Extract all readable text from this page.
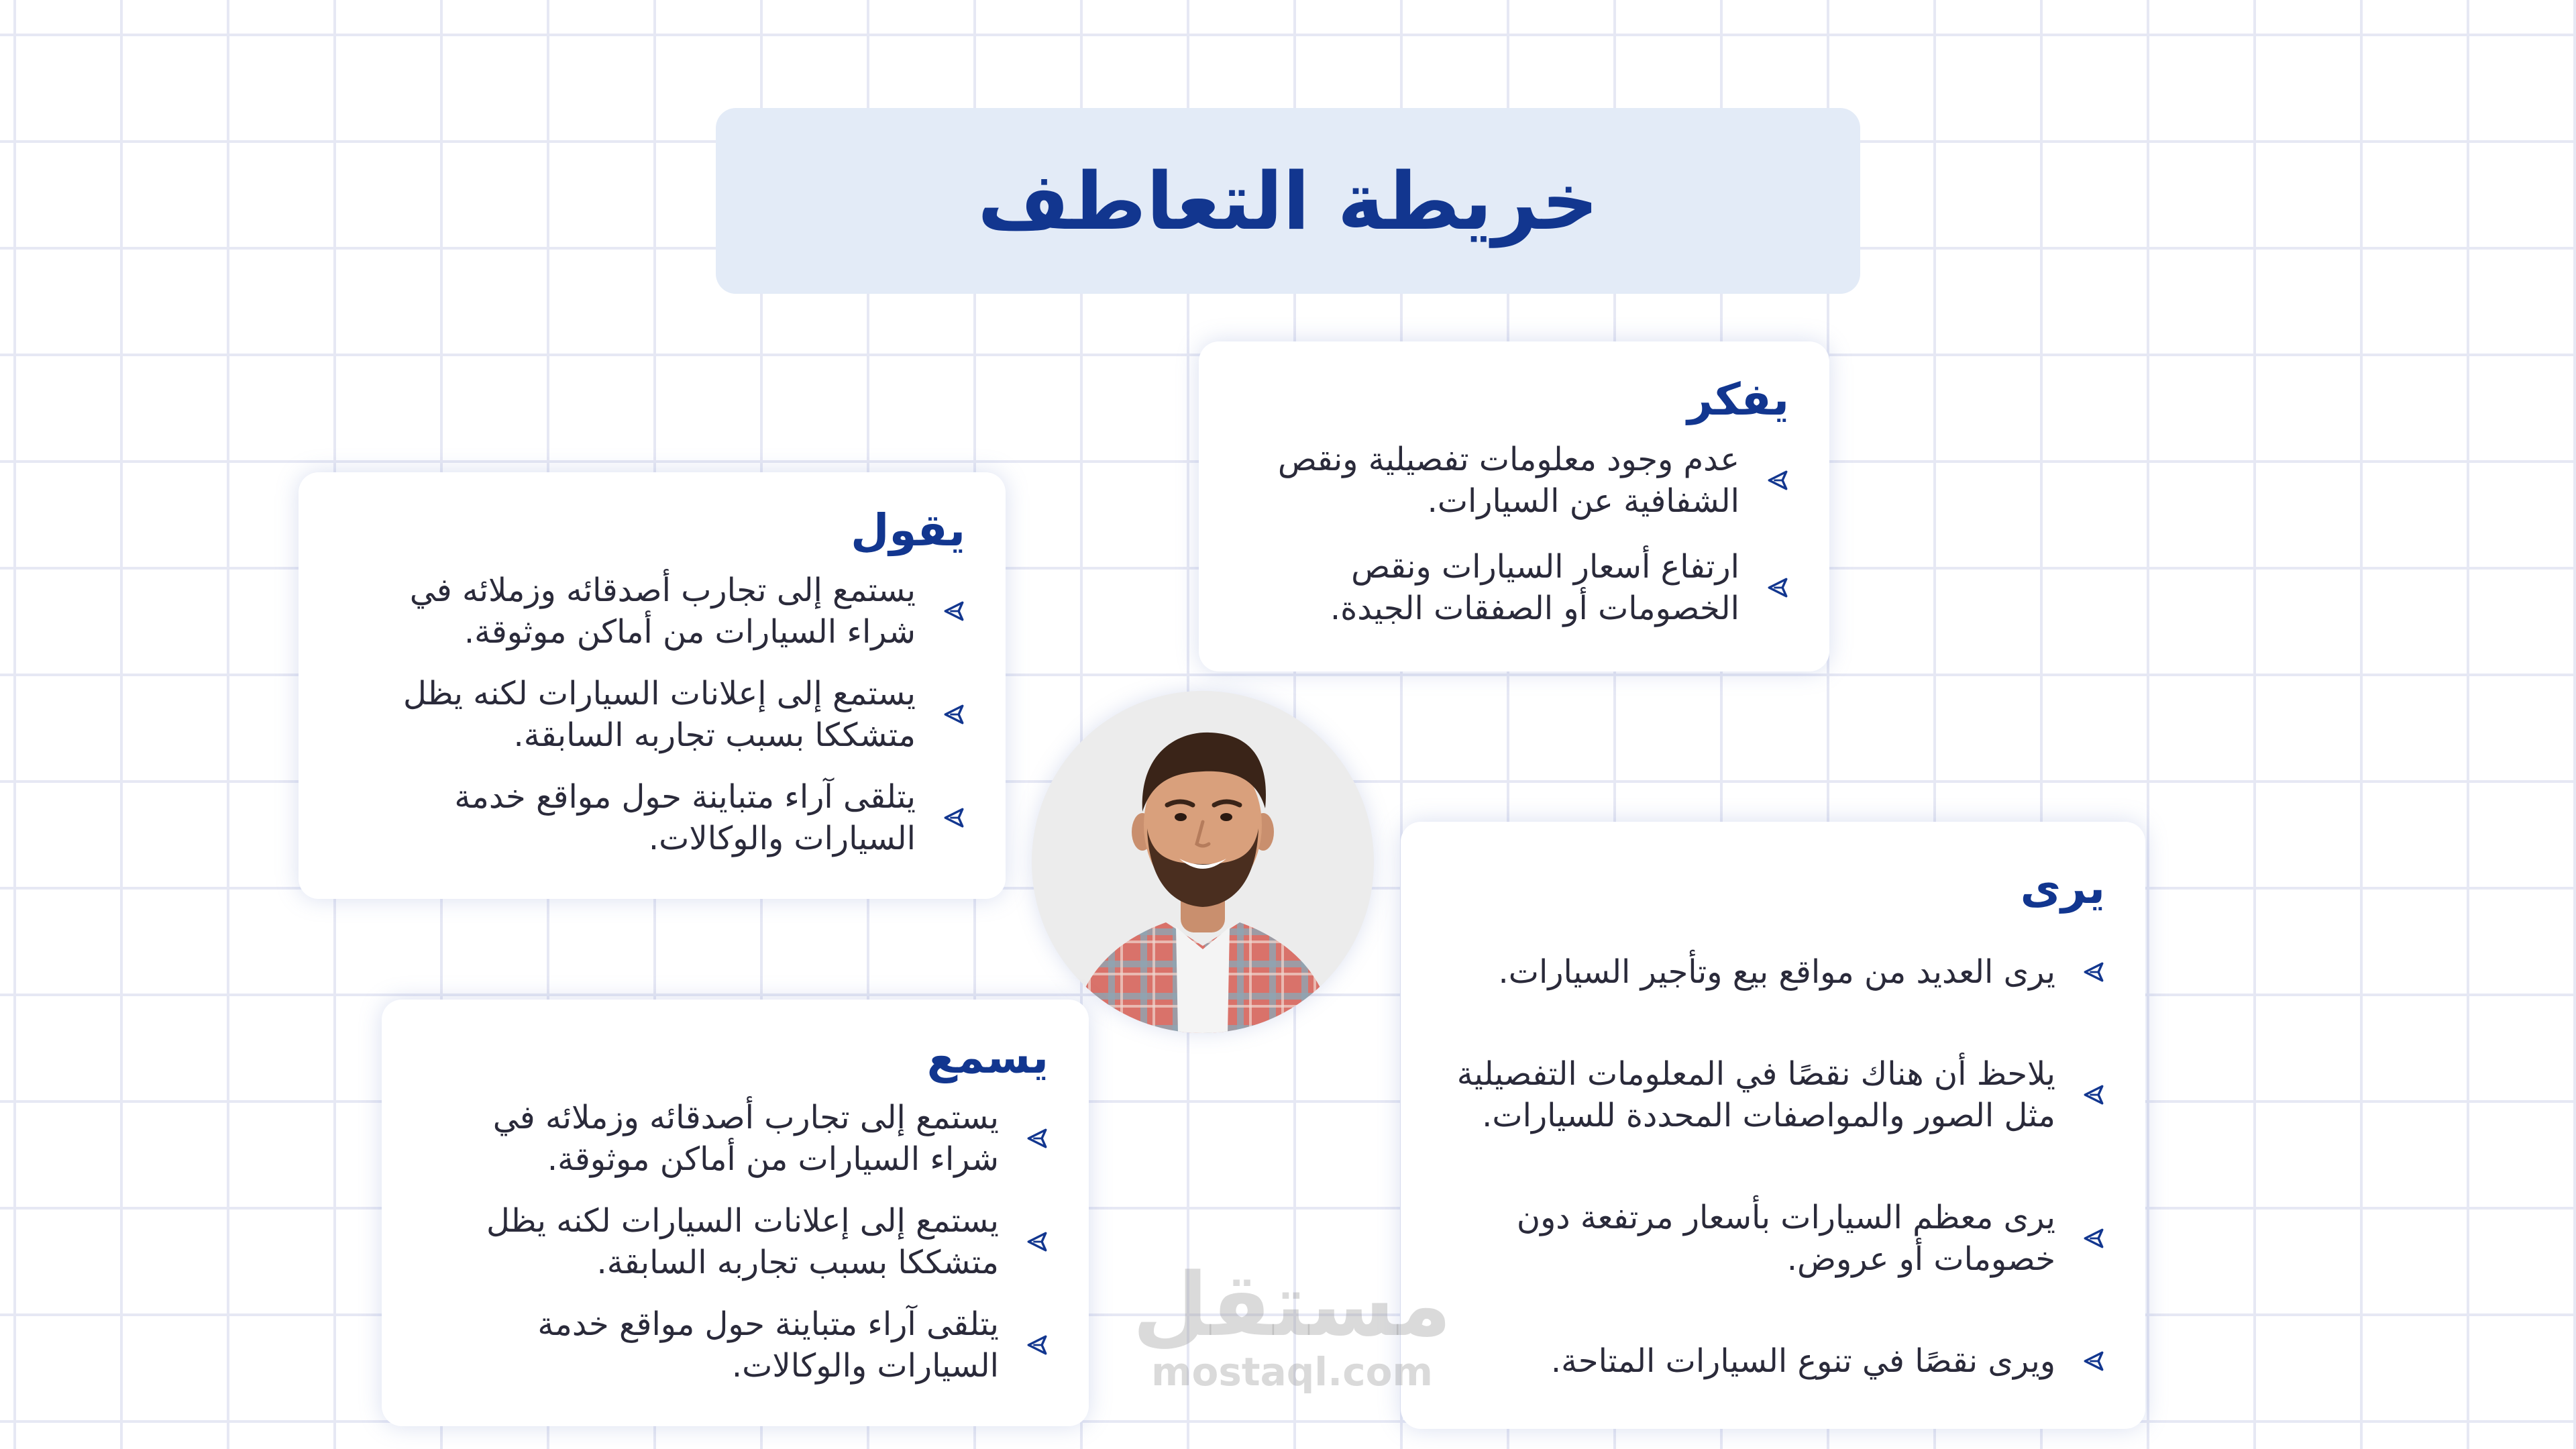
خريطة التعاطف
يفكر
عدم وجود معلومات تفصيلية ونقص الشفافية عن السيارات.
ارتفاع أسعار السيارات ونقص الخصومات أو الصفقات الجيدة.
يقول
يستمع إلى تجارب أصدقائه وزملائه في شراء السيارات من أماكن موثوقة.
يستمع إلى إعلانات السيارات لكنه يظل متشككا بسبب تجاربه السابقة.
يتلقى آراء متباينة حول مواقع خدمة السيارات والوكالات.
يرى
يرى العديد من مواقع بيع وتأجير السيارات.
يلاحظ أن هناك نقصًا في المعلومات التفصيلية مثل الصور والمواصفات المحددة للسيارات.
يرى معظم السيارات بأسعار مرتفعة دون خصومات أو عروض.
ويرى نقصًا في تنوع السيارات المتاحة.
يسمع
يستمع إلى تجارب أصدقائه وزملائه في شراء السيارات من أماكن موثوقة.
يستمع إلى إعلانات السيارات لكنه يظل متشككا بسبب تجاربه السابقة.
يتلقى آراء متباينة حول مواقع خدمة السيارات والوكالات.
مستقل
mostaql.com
